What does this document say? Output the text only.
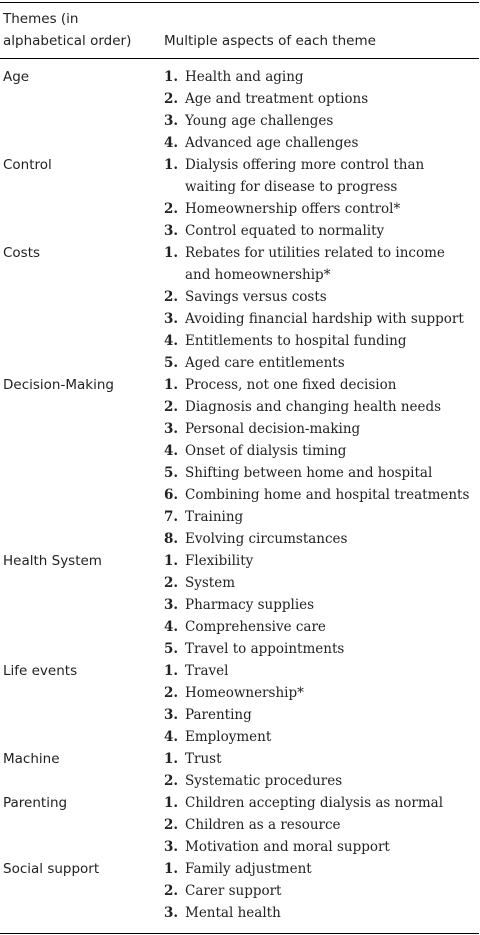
Themes (in
alphabetical order)	Multiple aspects of each theme
Age	1. Health and aging
2. Age and treatment options
3. Young age challenges
4. Advanced age challenges
Control	1. Dialysis offering more control than waiting for disease to progress
2. Homeownership offers control*
3. Control equated to normality
Costs	1. Rebates for utilities related to income and homeownership*
2. Savings versus costs
3. Avoiding financial hardship with support
4. Entitlements to hospital funding
5. Aged care entitlements
Decision-Making	1. Process, not one fixed decision
2. Diagnosis and changing health needs
3. Personal decision-making
4. Onset of dialysis timing
5. Shifting between home and hospital
6. Combining home and hospital treatments
7. Training
8. Evolving circumstances
Health System	1. Flexibility
2. System
3. Pharmacy supplies
4. Comprehensive care
5. Travel to appointments
Life events	1. Travel
2. Homeownership*
3. Parenting
4. Employment
Machine	1. Trust
2. Systematic procedures
Parenting	1. Children accepting dialysis as normal
2. Children as a resource
3. Motivation and moral support
Social support	1. Family adjustment
2. Carer support
3. Mental health
